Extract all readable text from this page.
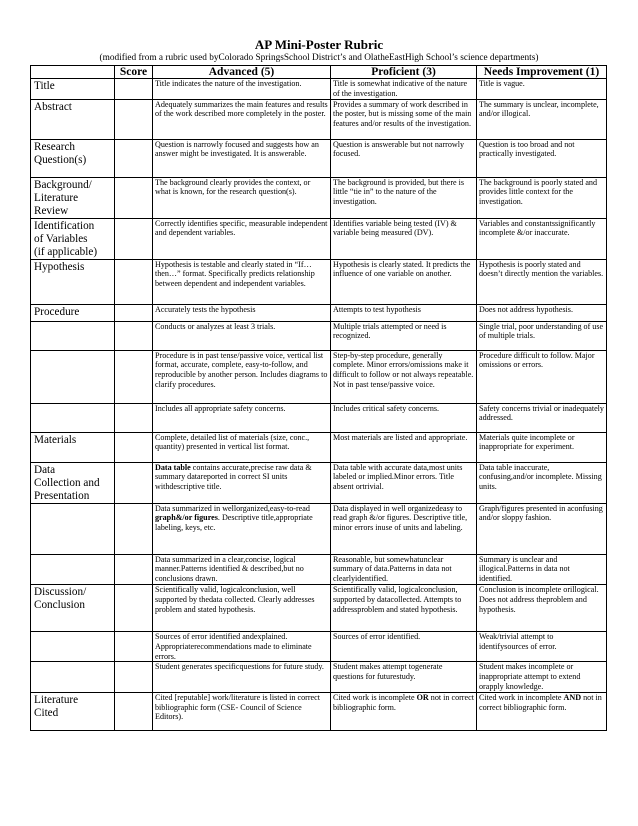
AP Mini-Poster Rubric
(modified from a rubric used byColorado SpringsSchool District’s and OlatheEastHigh School’s science departments)
	Score	Advanced (5)	Proficient (3)	Needs Improvement (1)

Title		Title indicates the nature of the investigation.	Title is somewhat indicative of the nature of the investigation.	Title is vague.

Abstract		Adequately summarizes the main features and results of the work described more completely in the poster.	Provides a summary of work described in the poster, but is missing some of the main features and/or results of the investigation.	The summary is unclear, incomplete, and/or illogical.

Research
Question(s)		Question is narrowly focused and suggests how an answer might be investigated. It is answerable.	Question is answerable but not narrowly focused.	Question is too broad and not practically investigated.

Background/
Literature
Review		The background clearly provides the context, or what is known, for the research question(s).	The background is provided, but there is little “tie in” to the nature of the investigation.	The background is poorly stated and provides little context for the investigation.

Identification
of Variables
(if applicable)		Correctly identifies specific, measurable independent and dependent variables.	Identifies variable being tested (IV) & variable being measured (DV).	Variables and constantssignificantly incomplete &/or inaccurate.

Hypothesis		Hypothesis is testable and clearly stated in “If… then…” format. Specifically predicts relationship between dependent and independent variables.	Hypothesis is clearly stated. It predicts the influence of one variable on another.	Hypothesis is poorly stated and doesn’t directly mention the variables.

Procedure		Accurately tests the hypothesis	Attempts to test hypothesis	Does not address hypothesis.
		Conducts or analyzes at least 3 trials.	Multiple trials attempted or need is recognized.	Single trial, poor understanding of use of multiple trials.
		Procedure is in past tense/passive voice, vertical list format, accurate, complete, easy-to-follow, and reproducible by another person. Includes diagrams to clarify procedures.	Step-by-step procedure, generally complete. Minor errors/omissions make it difficult to follow or not always repeatable. Not in past tense/passive voice.	Procedure difficult to follow. Major omissions or errors.
		Includes all appropriate safety concerns.	Includes critical safety concerns.	Safety concerns trivial or inadequately addressed.

Materials		Complete, detailed list of materials (size, conc., quantity) presented in vertical list format.	Most materials are listed and appropriate.	Materials quite incomplete or inappropriate for experiment.

Data
Collection and
Presentation		Data table contains accurate,precise raw data & summary datareported in correct SI units withdescriptive title.	Data table with accurate data,most units labeled or implied.Minor errors. Title absent ortrivial.	Data table inaccurate, confusing,and/or incomplete. Missing units.
		Data summarized in wellorganized,easy-to-read graph&/or figures. Descriptive title,appropriate labeling, keys, etc.	Data displayed in well organizedeasy to read graph &/or figures. Descriptive title, minor errors inuse of units and labeling.	Graph/figures presented in aconfusing and/or sloppy fashion.
		Data summarized in a clear,concise, logical manner.Patterns identified & described,but no conclusions drawn.	Reasonable, but somewhatunclear summary of data.Patterns in data not clearlyidentified.	Summary is unclear and illogical.Patterns in data not identified.

Discussion/
Conclusion		Scientifically valid, logicalconclusion, well supported by thedata collected. Clearly addresses problem and stated hypothesis.	Scientifically valid, logicalconclusion, supported by datacollected. Attempts to addressproblem and stated hypothesis.	Conclusion is incomplete orillogical. Does not address theproblem and hypothesis.
		Sources of error identified andexplained. Appropriaterecommendations made to eliminate errors.	Sources of error identified.	Weak/trivial attempt to identifysources of error.
		Student generates specificquestions for future study.	Student makes attempt togenerate questions for futurestudy.	Student makes incomplete or inappropriate attempt to extend orapply knowledge.

Literature
Cited		Cited [reputable] work/literature is listed in correct bibliographic form (CSE- Council of Science Editors).	Cited work is incomplete OR not in correct bibliographic form.	Cited work in incomplete AND not in correct bibliographic form.
